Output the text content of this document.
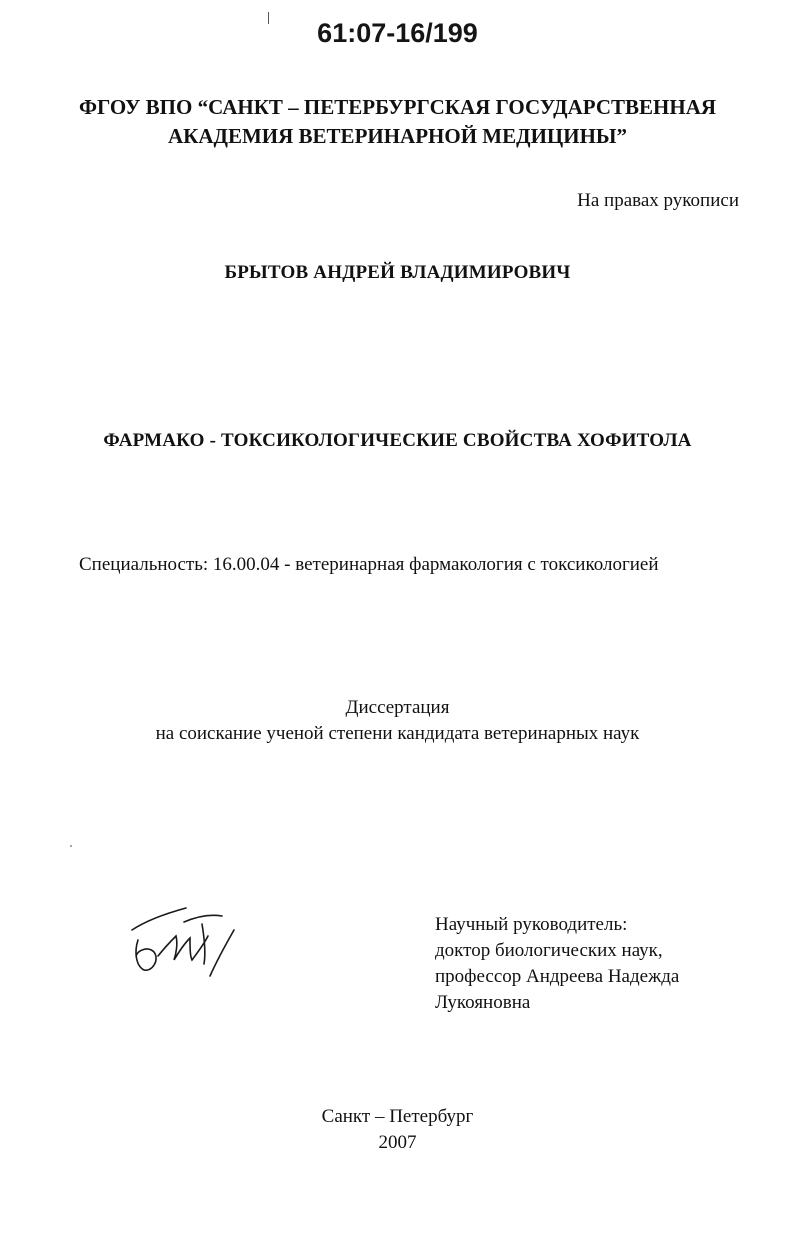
61:07-16/199
ФГОУ ВПО “САНКТ – ПЕТЕРБУРГСКАЯ ГОСУДАРСТВЕННАЯ
АКАДЕМИЯ ВЕТЕРИНАРНОЙ МЕДИЦИНЫ”
На правах рукописи
БРЫТОВ АНДРЕЙ ВЛАДИМИРОВИЧ
ФАРМАКО - ТОКСИКОЛОГИЧЕСКИЕ СВОЙСТВА ХОФИТОЛА
Специальность: 16.00.04 - ветеринарная фармакология с токсикологией
Диссертация
на соискание ученой степени кандидата ветеринарных наук
Научный руководитель:
доктор биологических наук,
профессор Андреева Надежда
Лукояновна
Санкт – Петербург
2007
